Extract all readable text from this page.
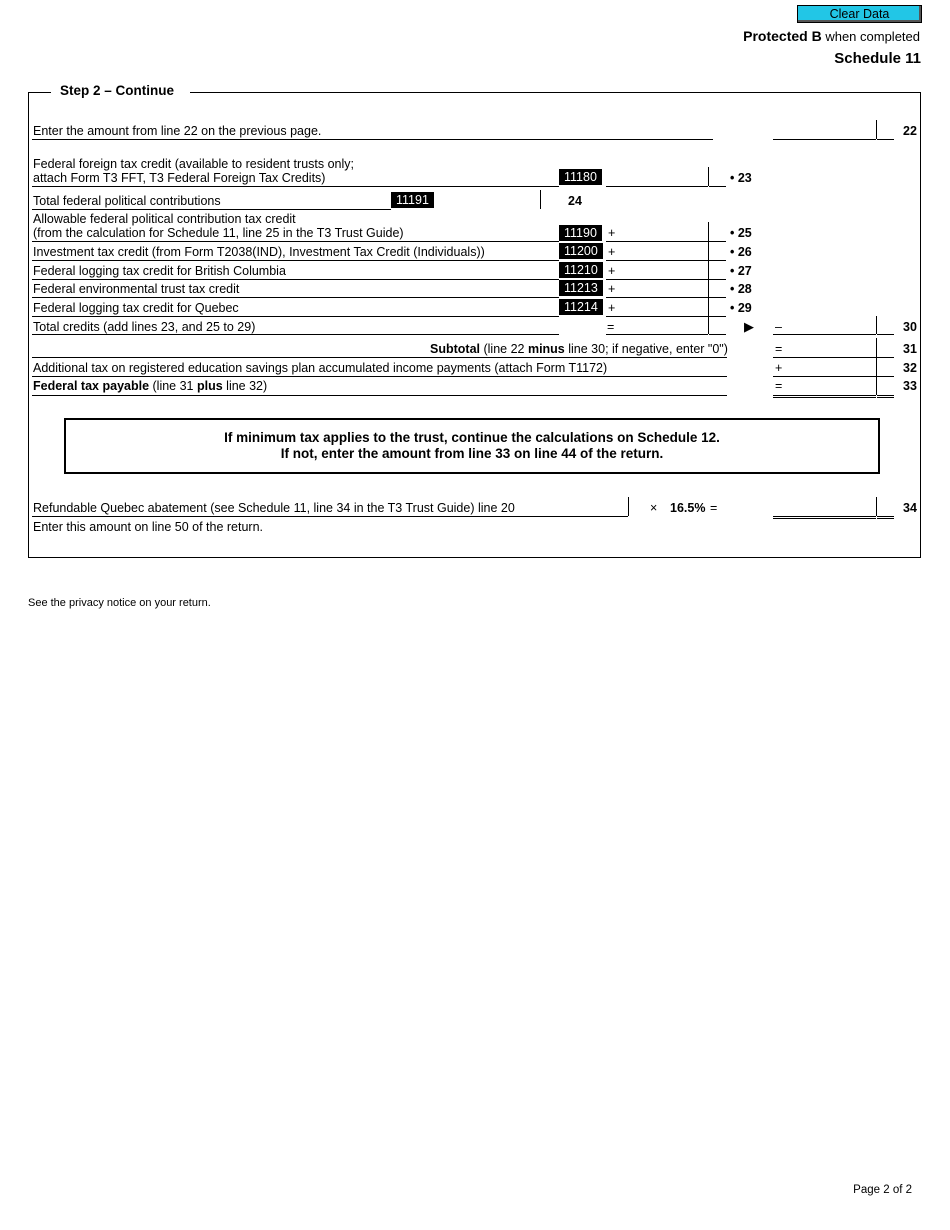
Clear Data
Protected B when completed
Schedule 11
Step 2 – Continue
Enter the amount from line 22 on the previous page.	22
Federal foreign tax credit (available to resident trusts only;
attach Form T3 FFT, T3 Federal Foreign Tax Credits)	11180	• 23
Total federal political contributions	11191	24
Allowable federal political contribution tax credit
(from the calculation for Schedule 11, line 25 in the T3 Trust Guide)	11190 +	• 25
Investment tax credit (from Form T2038(IND), Investment Tax Credit (Individuals))	11200 +	• 26
Federal logging tax credit for British Columbia	11210 +	• 27
Federal environmental trust tax credit	11213 +	• 28
Federal logging tax credit for Quebec	11214 +	• 29
Total credits (add lines 23, and 25 to 29)	=	▶ –	30
Subtotal (line 22 minus line 30; if negative, enter "0")	=	31
Additional tax on registered education savings plan accumulated income payments (attach Form T1172)	+	32
Federal tax payable (line 31 plus line 32)	=	33
If minimum tax applies to the trust, continue the calculations on Schedule 12.
If not, enter the amount from line 33 on line 44 of the return.
Refundable Quebec abatement (see Schedule 11, line 34 in the T3 Trust Guide) line 20	× 16.5% =	34
Enter this amount on line 50 of the return.
See the privacy notice on your return.
Page 2 of 2
